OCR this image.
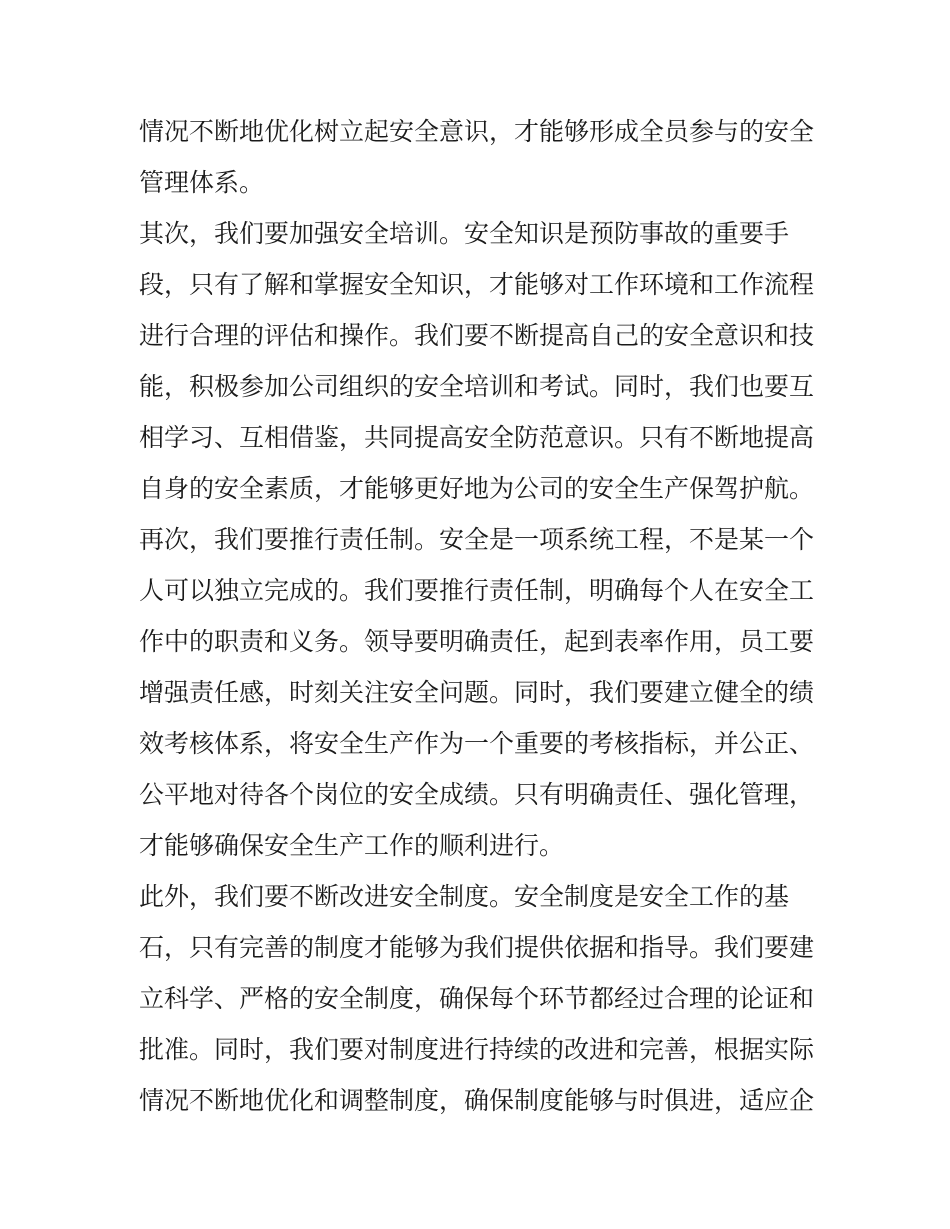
情况不断地优化树立起安全意识，才能够形成全员参与的安全
管理体系。
其次，我们要加强安全培训。安全知识是预防事故的重要手
段，只有了解和掌握安全知识，才能够对工作环境和工作流程
进行合理的评估和操作。我们要不断提高自己的安全意识和技
能，积极参加公司组织的安全培训和考试。同时，我们也要互
相学习、互相借鉴，共同提高安全防范意识。只有不断地提高
自身的安全素质，才能够更好地为公司的安全生产保驾护航。
再次，我们要推行责任制。安全是一项系统工程，不是某一个
人可以独立完成的。我们要推行责任制，明确每个人在安全工
作中的职责和义务。领导要明确责任，起到表率作用，员工要
增强责任感，时刻关注安全问题。同时，我们要建立健全的绩
效考核体系，将安全生产作为一个重要的考核指标，并公正、
公平地对待各个岗位的安全成绩。只有明确责任、强化管理，
才能够确保安全生产工作的顺利进行。
此外，我们要不断改进安全制度。安全制度是安全工作的基
石，只有完善的制度才能够为我们提供依据和指导。我们要建
立科学、严格的安全制度，确保每个环节都经过合理的论证和
批准。同时，我们要对制度进行持续的改进和完善，根据实际
情况不断地优化和调整制度，确保制度能够与时俱进，适应企
